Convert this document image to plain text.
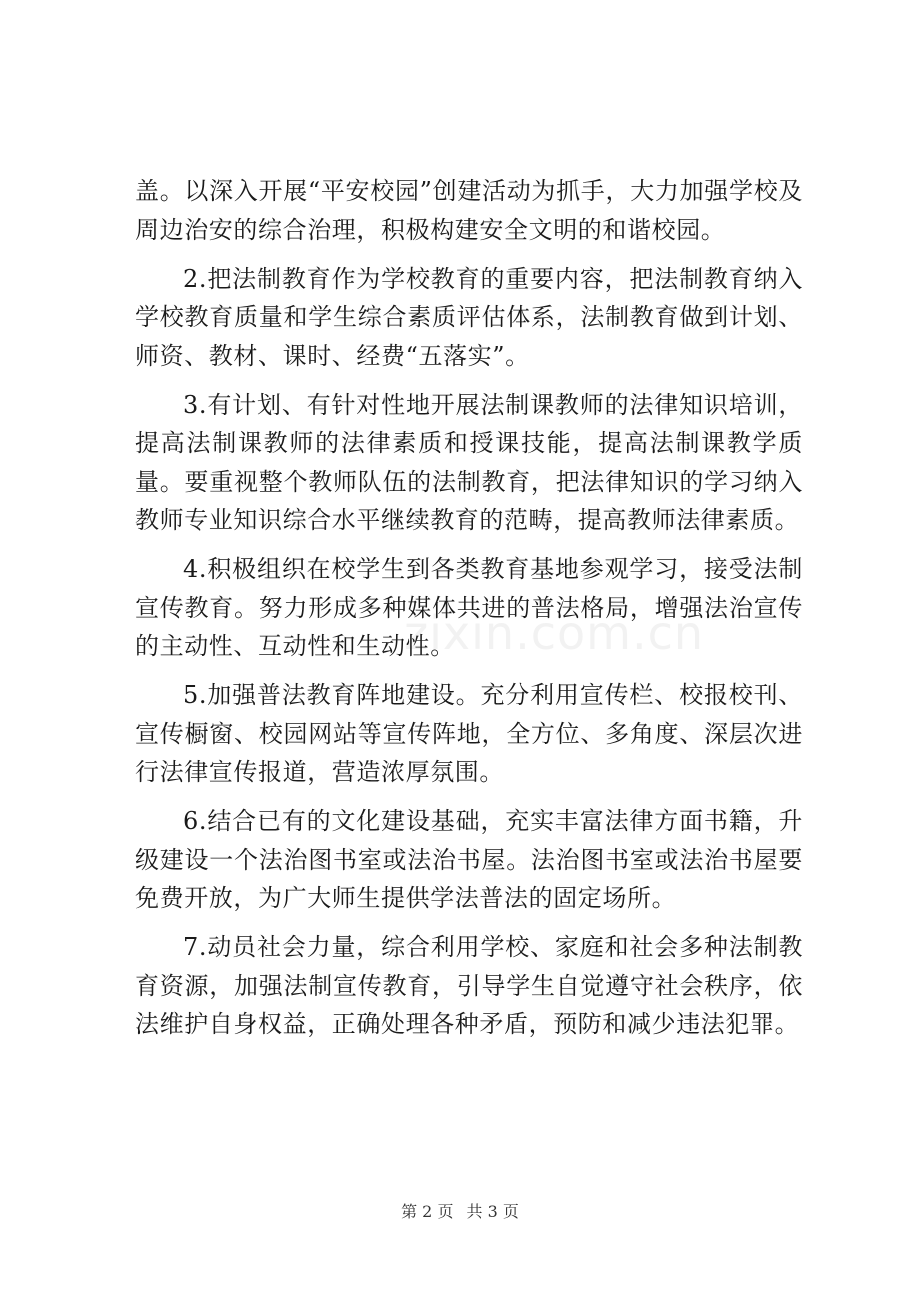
zixin.com.cn

盖。以深入开展“平安校园”创建活动为抓手，大力加强学校及周边治安的综合治理，积极构建安全文明的和谐校园。

2.把法制教育作为学校教育的重要内容，把法制教育纳入学校教育质量和学生综合素质评估体系，法制教育做到计划、师资、教材、课时、经费“五落实”。

3.有计划、有针对性地开展法制课教师的法律知识培训，提高法制课教师的法律素质和授课技能，提高法制课教学质量。要重视整个教师队伍的法制教育，把法律知识的学习纳入教师专业知识综合水平继续教育的范畴，提高教师法律素质。

4.积极组织在校学生到各类教育基地参观学习，接受法制宣传教育。努力形成多种媒体共进的普法格局，增强法治宣传的主动性、互动性和生动性。

5.加强普法教育阵地建设。充分利用宣传栏、校报校刊、宣传橱窗、校园网站等宣传阵地，全方位、多角度、深层次进行法律宣传报道，营造浓厚氛围。

6.结合已有的文化建设基础，充实丰富法律方面书籍，升级建设一个法治图书室或法治书屋。法治图书室或法治书屋要免费开放，为广大师生提供学法普法的固定场所。

7.动员社会力量，综合利用学校、家庭和社会多种法制教育资源，加强法制宣传教育，引导学生自觉遵守社会秩序，依法维护自身权益，正确处理各种矛盾，预防和减少违法犯罪。

第 2 页 共 3 页
